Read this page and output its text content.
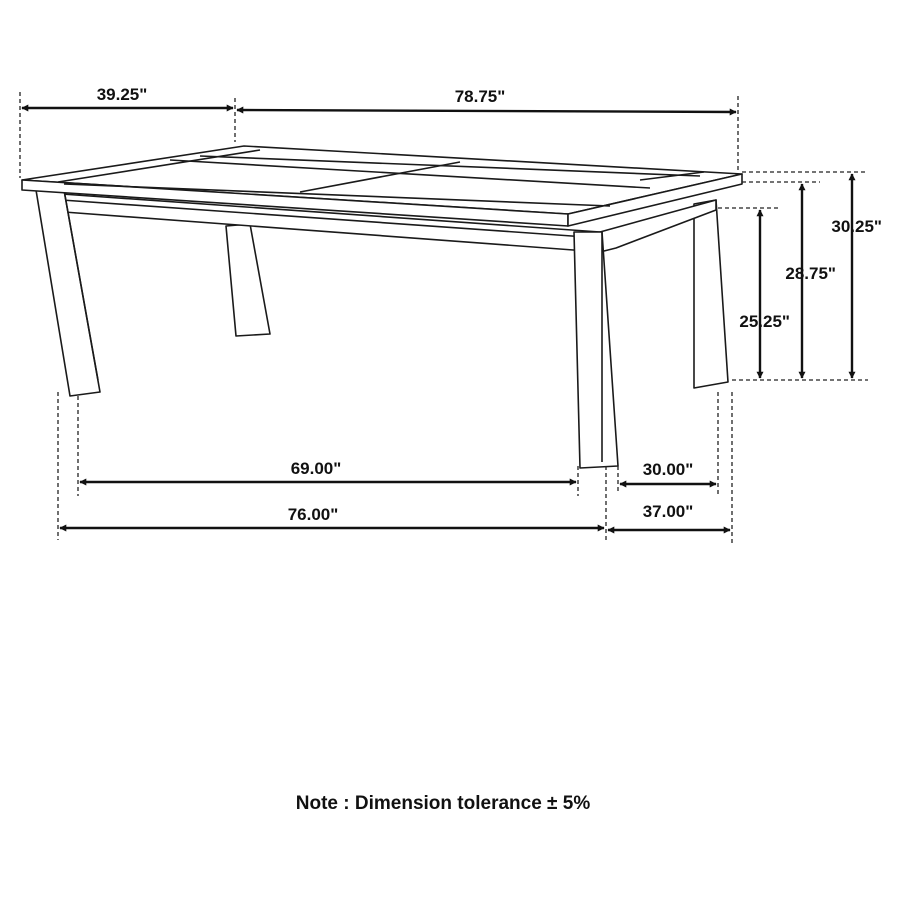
39.25"	78.75"
30.25"
28.75"
25.25"
69.00"
76.00"
30.00"
37.00"
Note : Dimension tolerance ± 5%
